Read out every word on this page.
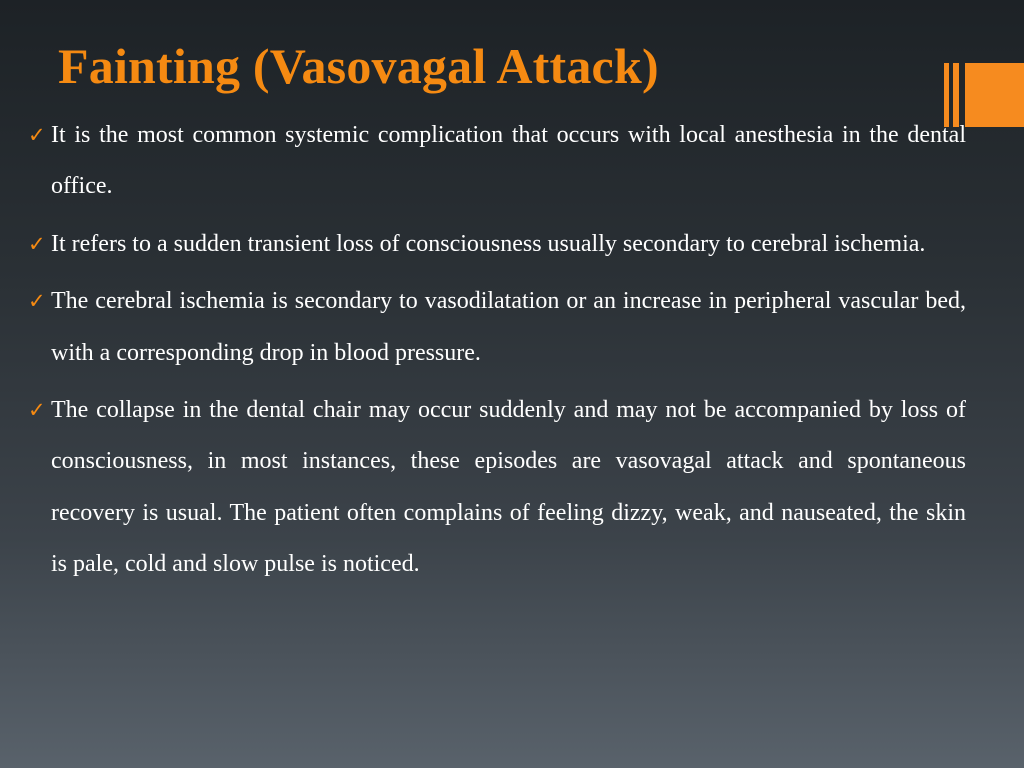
Fainting (Vasovagal Attack)
✓ It is the most common systemic complication that occurs with local anesthesia in the dental office.
✓ It refers to a sudden transient loss of consciousness usually secondary to cerebral ischemia.
✓ The cerebral ischemia is secondary to vasodilatation or an increase in peripheral vascular bed, with a corresponding drop in blood pressure.
✓ The collapse in the dental chair may occur suddenly and may not be accompanied by loss of consciousness, in most instances, these episodes are vasovagal attack and spontaneous recovery is usual. The patient often complains of feeling dizzy, weak, and nauseated, the skin is pale, cold and slow pulse is noticed.
